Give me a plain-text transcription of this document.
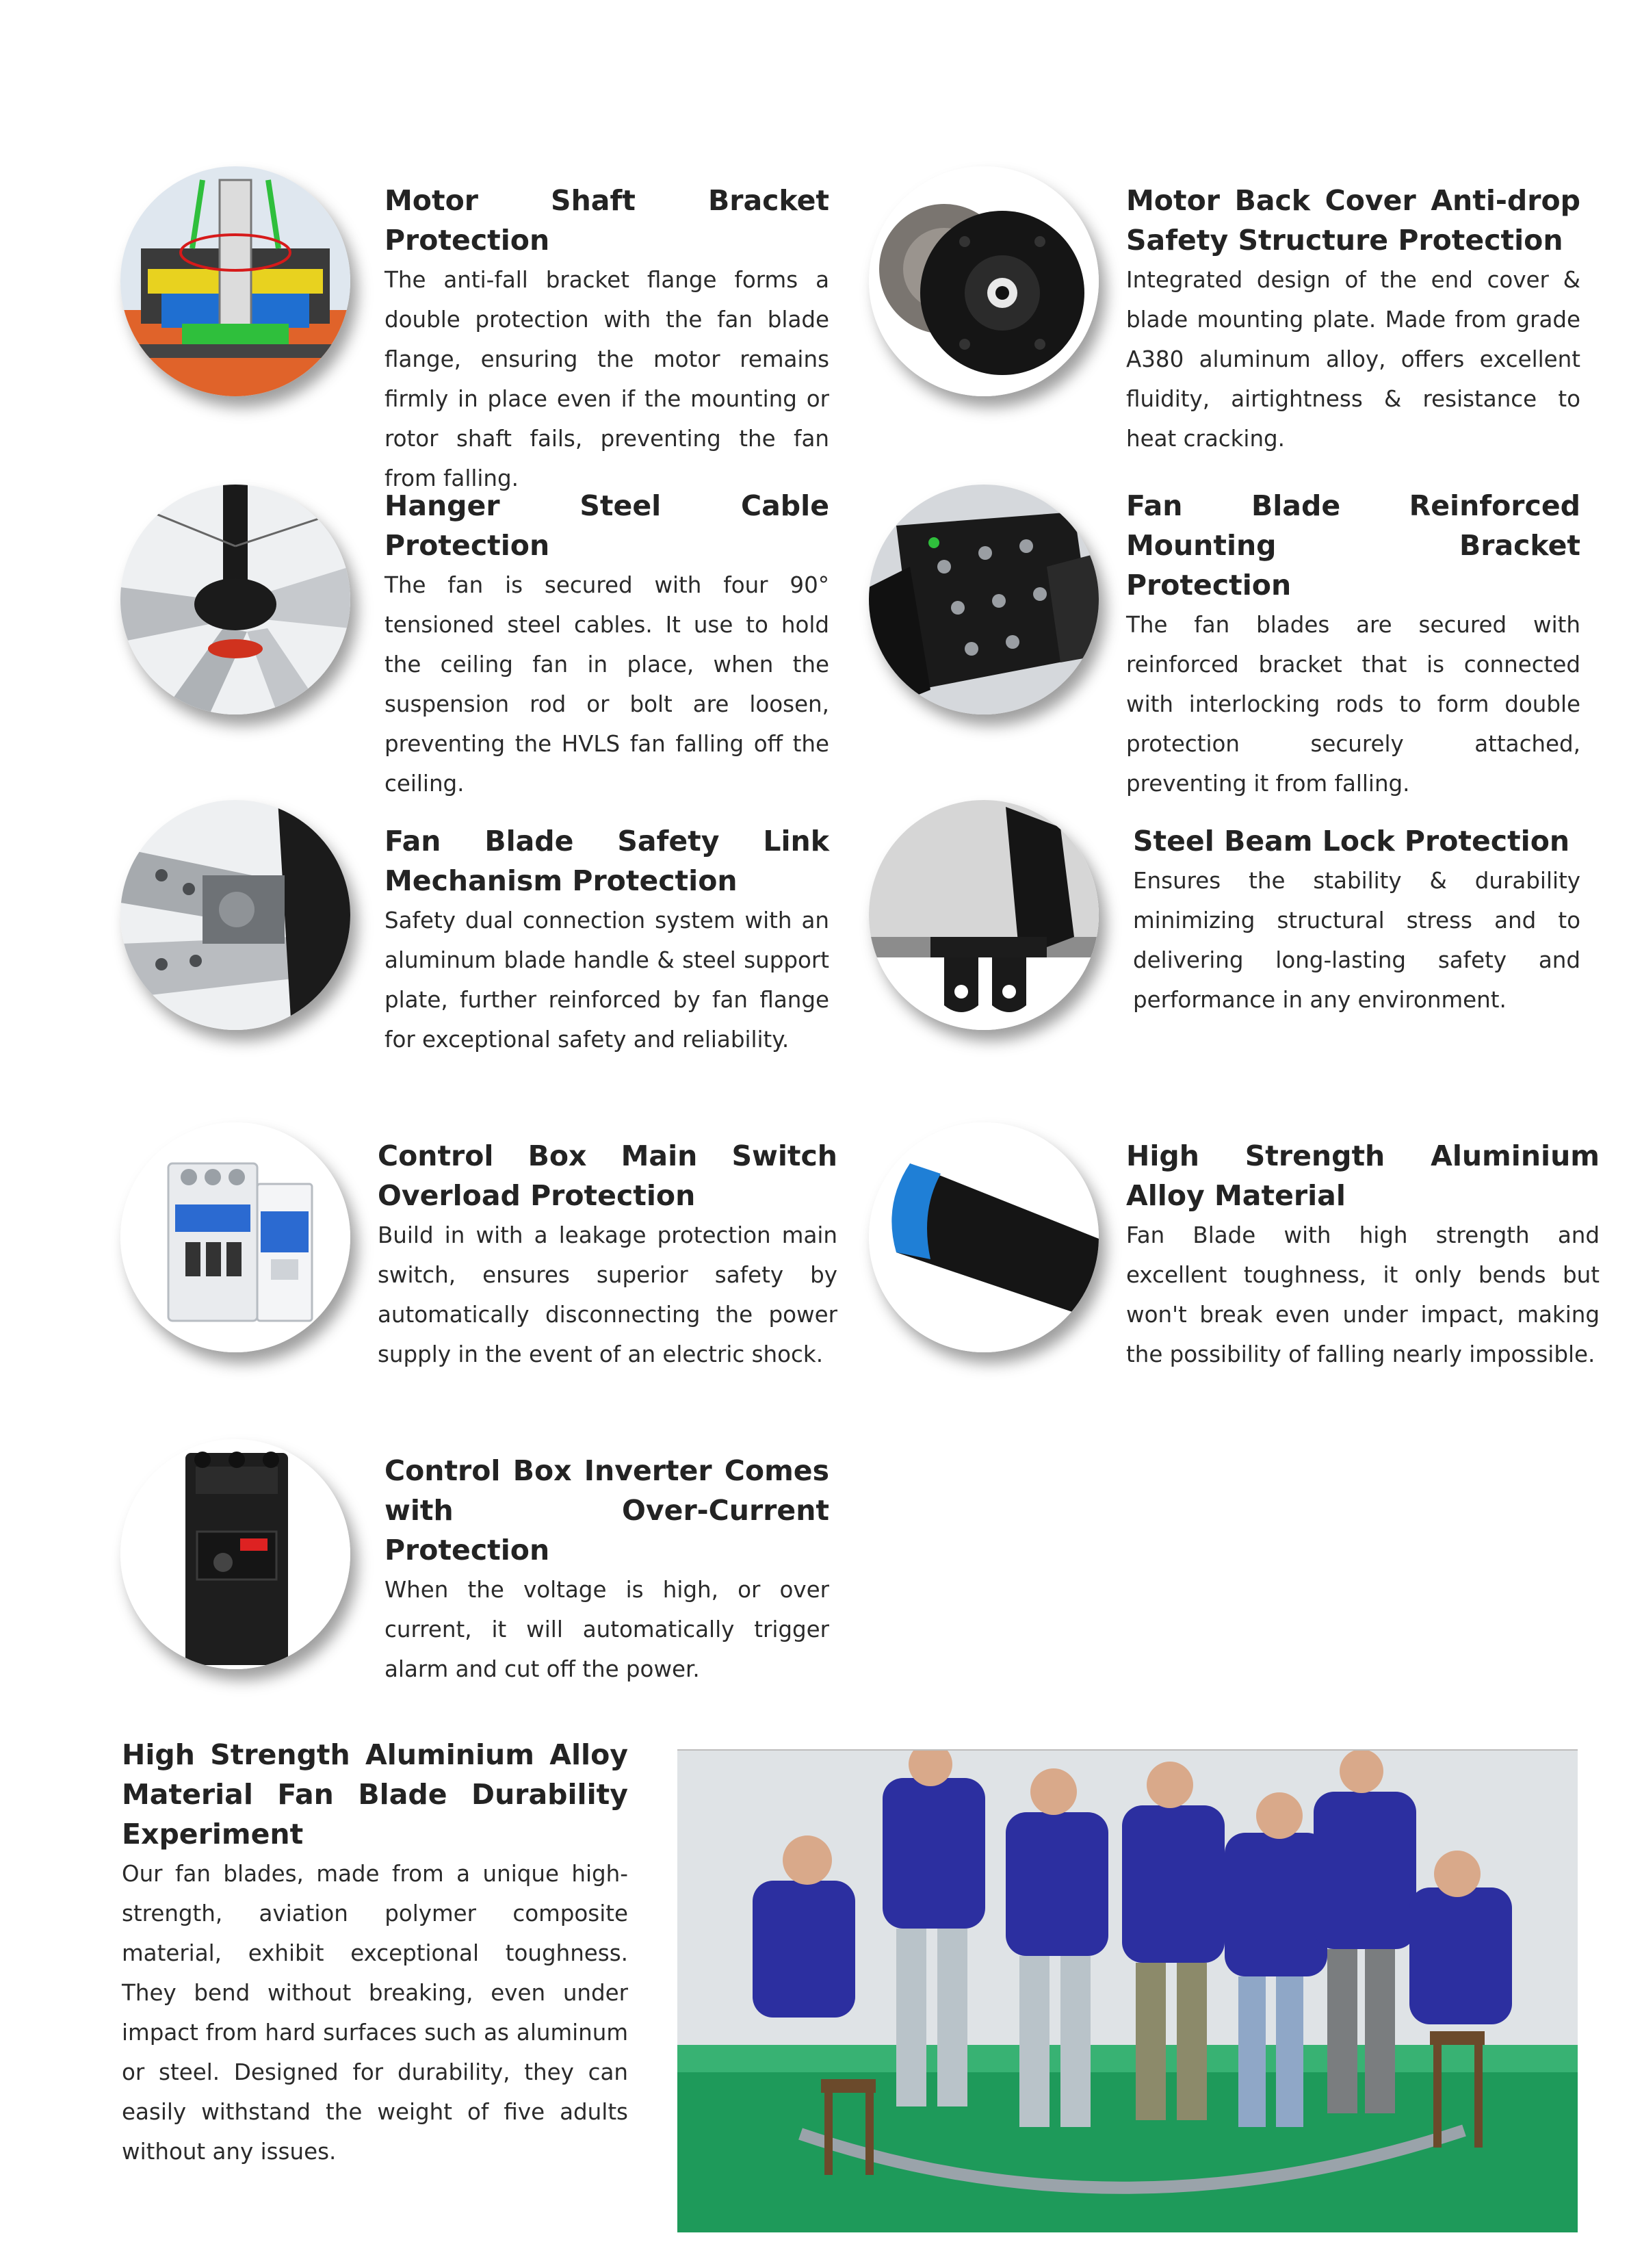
Motor Shaft Bracket Protection

The anti-fall bracket flange forms a double protection with the fan blade flange, ensuring the motor remains firmly in place even if the mounting or rotor shaft fails, preventing the fan from falling.

Motor Back Cover Anti-drop Safety Structure Protection

Integrated design of the end cover & blade mounting plate. Made from grade A380 aluminum alloy, offers excellent fluidity, airtightness & resistance to heat cracking.

Hanger Steel Cable Protection

The fan is secured with four 90° tensioned steel cables. It use to hold the ceiling fan in place, when the suspension rod or bolt are loosen, preventing the HVLS fan falling off the ceiling.

Fan Blade Reinforced Mounting Bracket Protection

The fan blades are secured with reinforced bracket that is connected with interlocking rods to form double protection securely attached, preventing it from falling.

Fan Blade Safety Link Mechanism Protection

Safety dual connection system with an aluminum blade handle & steel support plate, further reinforced by fan flange for exceptional safety and reliability.

Steel Beam Lock Protection

Ensures the stability & durability minimizing structural stress and to delivering long-lasting safety and performance in any environment.

Control Box Main Switch Overload Protection

Build in with a leakage protection main switch, ensures superior safety by automatically disconnecting the power supply in the event of an electric shock.

High Strength Aluminium Alloy Material

Fan Blade with high strength and excellent toughness, it only bends but won't break even under impact, making the possibility of falling nearly impossible.

Control Box Inverter Comes with Over-Current Protection

When the voltage is high, or over current, it will automatically trigger alarm and cut off the power.

High Strength Aluminium Alloy Material Fan Blade Durability Experiment

Our fan blades, made from a unique high-strength, aviation polymer composite material, exhibit exceptional toughness. They bend without breaking, even under impact from hard surfaces such as aluminum or steel. Designed for durability, they can easily withstand the weight of five adults without any issues.
